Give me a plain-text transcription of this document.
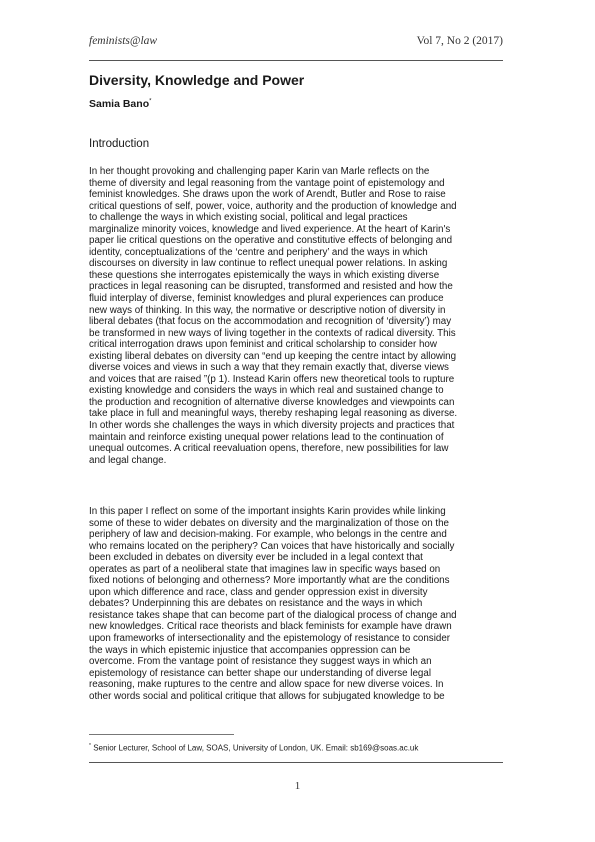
feminists@law	Vol 7, No 2 (2017)
Diversity, Knowledge and Power
Samia Bano*
Introduction
In her thought provoking and challenging paper Karin van Marle reflects on the
theme of diversity and legal reasoning from the vantage point of epistemology and
feminist knowledges. She draws upon the work of Arendt, Butler and Rose to raise
critical questions of self, power, voice, authority and the production of knowledge and
to challenge the ways in which existing social, political and legal practices
marginalize minority voices, knowledge and lived experience. At the heart of Karin's
paper lie critical questions on the operative and constitutive effects of belonging and
identity, conceptualizations of the ‘centre and periphery’ and the ways in which
discourses on diversity in law continue to reflect unequal power relations. In asking
these questions she interrogates epistemically the ways in which existing diverse
practices in legal reasoning can be disrupted, transformed and resisted and how the
fluid interplay of diverse, feminist knowledges and plural experiences can produce
new ways of thinking. In this way, the normative or descriptive notion of diversity in
liberal debates (that focus on the accommodation and recognition of ‘diversity’) may
be transformed in new ways of living together in the contexts of radical diversity. This
critical interrogation draws upon feminist and critical scholarship to consider how
existing liberal debates on diversity can “end up keeping the centre intact by allowing
diverse voices and views in such a way that they remain exactly that, diverse views
and voices that are raised ”(p 1). Instead Karin offers new theoretical tools to rupture
existing knowledge and considers the ways in which real and sustained change to
the production and recognition of alternative diverse knowledges and viewpoints can
take place in full and meaningful ways, thereby reshaping legal reasoning as diverse.
In other words she challenges the ways in which diversity projects and practices that
maintain and reinforce existing unequal power relations lead to the continuation of
unequal outcomes. A critical reevaluation opens, therefore, new possibilities for law
and legal change.
In this paper I reflect on some of the important insights Karin provides while linking
some of these to wider debates on diversity and the marginalization of those on the
periphery of law and decision-making. For example, who belongs in the centre and
who remains located on the periphery? Can voices that have historically and socially
been excluded in debates on diversity ever be included in a legal context that
operates as part of a neoliberal state that imagines law in specific ways based on
fixed notions of belonging and otherness? More importantly what are the conditions
upon which difference and race, class and gender oppression exist in diversity
debates? Underpinning this are debates on resistance and the ways in which
resistance takes shape that can become part of the dialogical process of change and
new knowledges. Critical race theorists and black feminists for example have drawn
upon frameworks of intersectionality and the epistemology of resistance to consider
the ways in which epistemic injustice that accompanies oppression can be
overcome. From the vantage point of resistance they suggest ways in which an
epistemology of resistance can better shape our understanding of diverse legal
reasoning, make ruptures to the centre and allow space for new diverse voices. In
other words social and political critique that allows for subjugated knowledge to be
* Senior Lecturer, School of Law, SOAS, University of London, UK. Email: sb169@soas.ac.uk
1
